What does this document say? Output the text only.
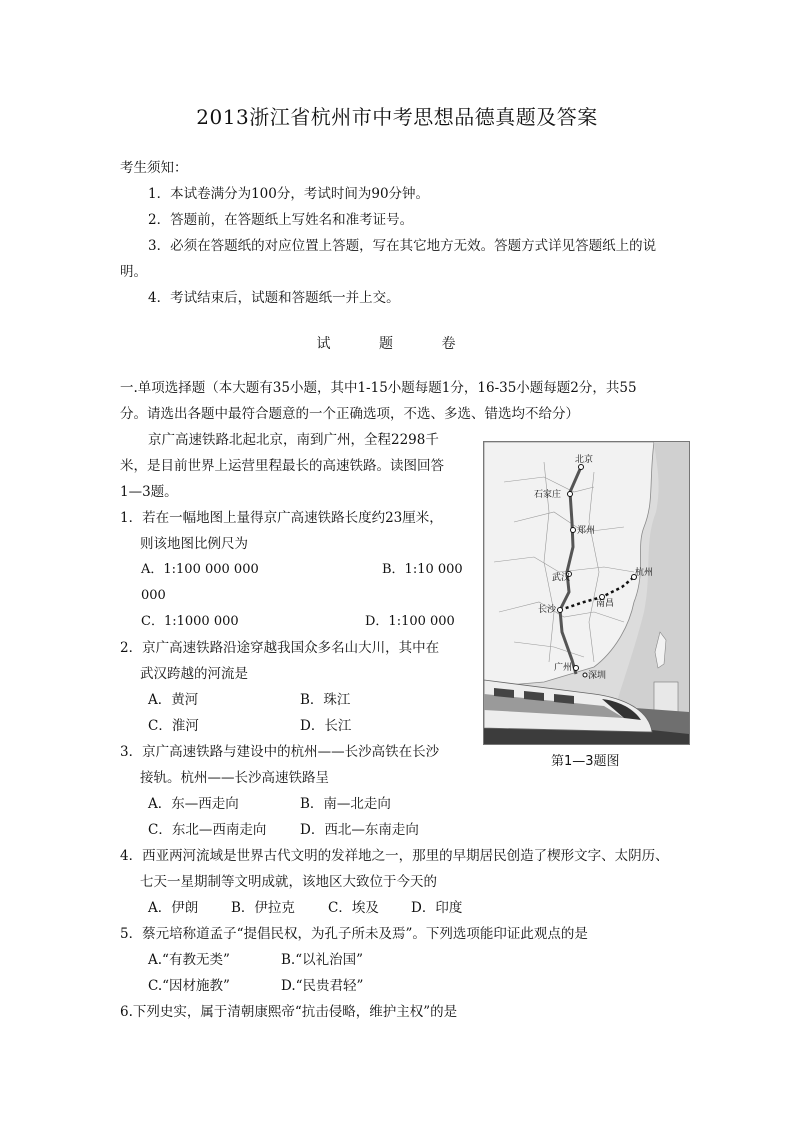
2013浙江省杭州市中考思想品德真题及答案
考生须知：
1．本试卷满分为100分，考试时间为90分钟。
2．答题前，在答题纸上写姓名和准考证号。
3．必须在答题纸的对应位置上答题，写在其它地方无效。答题方式详见答题纸上的说
明。
4．考试结束后，试题和答题纸一并上交。
试 题 卷
一.单项选择题（本大题有35小题，其中1-15小题每题1分，16-35小题每题2分，共55
分。请选出各题中最符合题意的一个正确选项，不选、多选、错选均不给分）
京广高速铁路北起北京，南到广州，全程2298千
米，是目前世界上运营里程最长的高速铁路。读图回答
1—3题。
1．若在一幅地图上量得京广高速铁路长度约23厘米，
则该地图比例尺为
A．1:100 000 000	B．1:10 000
000
C．1:1000 000	D．1:100 000
2．京广高速铁路沿途穿越我国众多名山大川，其中在
武汉跨越的河流是
A．黄河	B．珠江
C．淮河	D．长江
3．京广高速铁路与建设中的杭州——长沙高铁在长沙
接轨。杭州——长沙高速铁路呈
A．东—西走向	B．南—北走向
C．东北—西南走向 D．西北—东南走向
4．西亚两河流域是世界古代文明的发祥地之一，那里的早期居民创造了楔形文字、太阴历、
七天一星期制等文明成就，该地区大致位于今天的
A．伊朗 B．伊拉克 C．埃及 D．印度
5．蔡元培称道孟子“提倡民权，为孔子所未及焉”。下列选项能印证此观点的是
A.“有教无类”	B.“以礼治国”
C.“因材施教”	D.“民贵君轻”
6.下列史实，属于清朝康熙帝“抗击侵略，维护主权”的是
北京
石家庄
郑州
武汉
长沙
南昌
杭州
广州
深圳
第1—3题图
